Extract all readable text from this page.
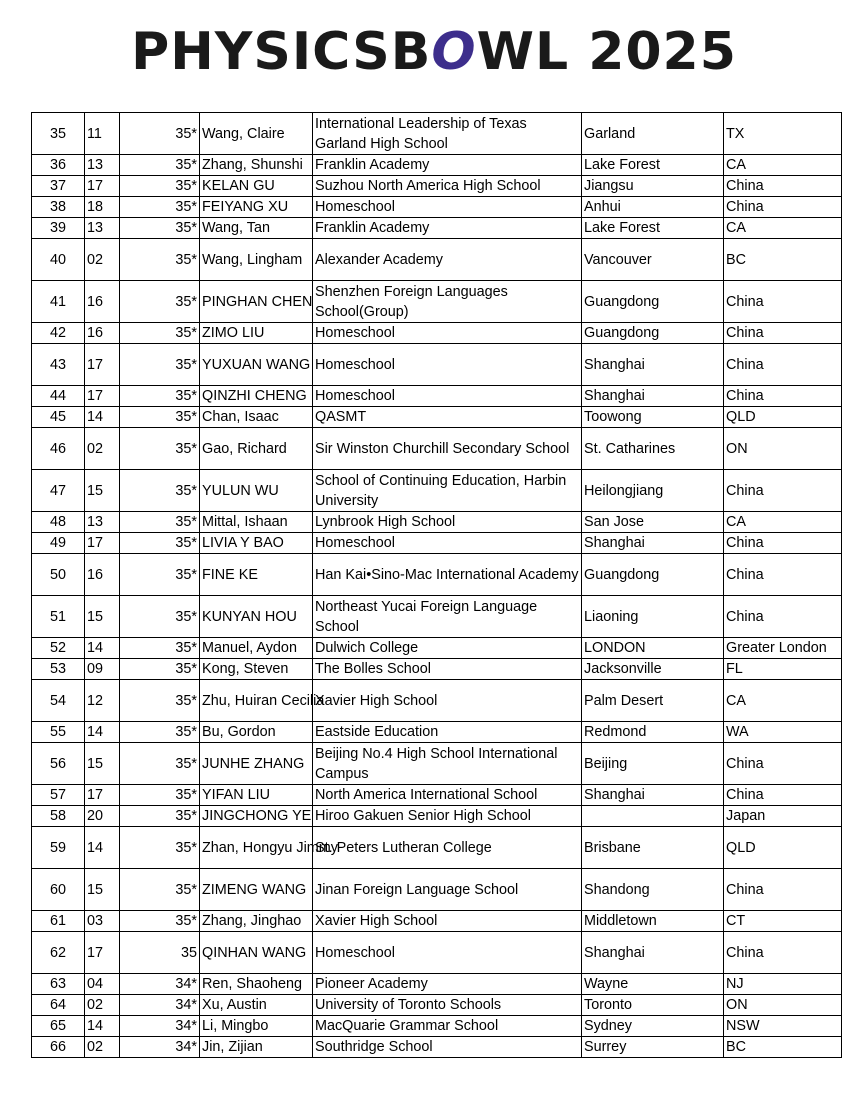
PHYSICSBOWL 2025
35	11	35*	Wang, Claire	International Leadership of Texas Garland High School	Garland	TX
36	13	35*	Zhang, Shunshi	Franklin Academy	Lake Forest	CA
37	17	35*	KELAN GU	Suzhou North America High School	Jiangsu	China
38	18	35*	FEIYANG XU	Homeschool	Anhui	China
39	13	35*	Wang, Tan	Franklin Academy	Lake Forest	CA
40	02	35*	Wang, Lingham	Alexander Academy	Vancouver	BC
41	16	35*	PINGHAN CHEN	Shenzhen Foreign Languages School(Group)	Guangdong	China
42	16	35*	ZIMO LIU	Homeschool	Guangdong	China
43	17	35*	YUXUAN WANG	Homeschool	Shanghai	China
44	17	35*	QINZHI CHENG	Homeschool	Shanghai	China
45	14	35*	Chan, Isaac	QASMT	Toowong	QLD
46	02	35*	Gao, Richard	Sir Winston Churchill Secondary School	St. Catharines	ON
47	15	35*	YULUN WU	School of Continuing Education, Harbin University	Heilongjiang	China
48	13	35*	Mittal, Ishaan	Lynbrook High School	San Jose	CA
49	17	35*	LIVIA Y BAO	Homeschool	Shanghai	China
50	16	35*	FINE KE	Han Kai•Sino-Mac International Academy	Guangdong	China
51	15	35*	KUNYAN HOU	Northeast Yucai Foreign Language School	Liaoning	China
52	14	35*	Manuel, Aydon	Dulwich College	LONDON	Greater London
53	09	35*	Kong, Steven	The Bolles School	Jacksonville	FL
54	12	35*	Zhu, Huiran Cecilia	Xavier High School	Palm Desert	CA
55	14	35*	Bu, Gordon	Eastside Education	Redmond	WA
56	15	35*	JUNHE ZHANG	Beijing No.4 High School International Campus	Beijing	China
57	17	35*	YIFAN LIU	North America International School	Shanghai	China
58	20	35*	JINGCHONG YE	Hiroo Gakuen Senior High School		Japan
59	14	35*	Zhan, Hongyu Jimmy	St. Peters Lutheran College	Brisbane	QLD
60	15	35*	ZIMENG WANG	Jinan Foreign Language School	Shandong	China
61	03	35*	Zhang, Jinghao	Xavier High School	Middletown	CT
62	17	35	QINHAN WANG	Homeschool	Shanghai	China
63	04	34*	Ren, Shaoheng	Pioneer Academy	Wayne	NJ
64	02	34*	Xu, Austin	University of Toronto Schools	Toronto	ON
65	14	34*	Li, Mingbo	MacQuarie Grammar School	Sydney	NSW
66	02	34*	Jin, Zijian	Southridge School	Surrey	BC
